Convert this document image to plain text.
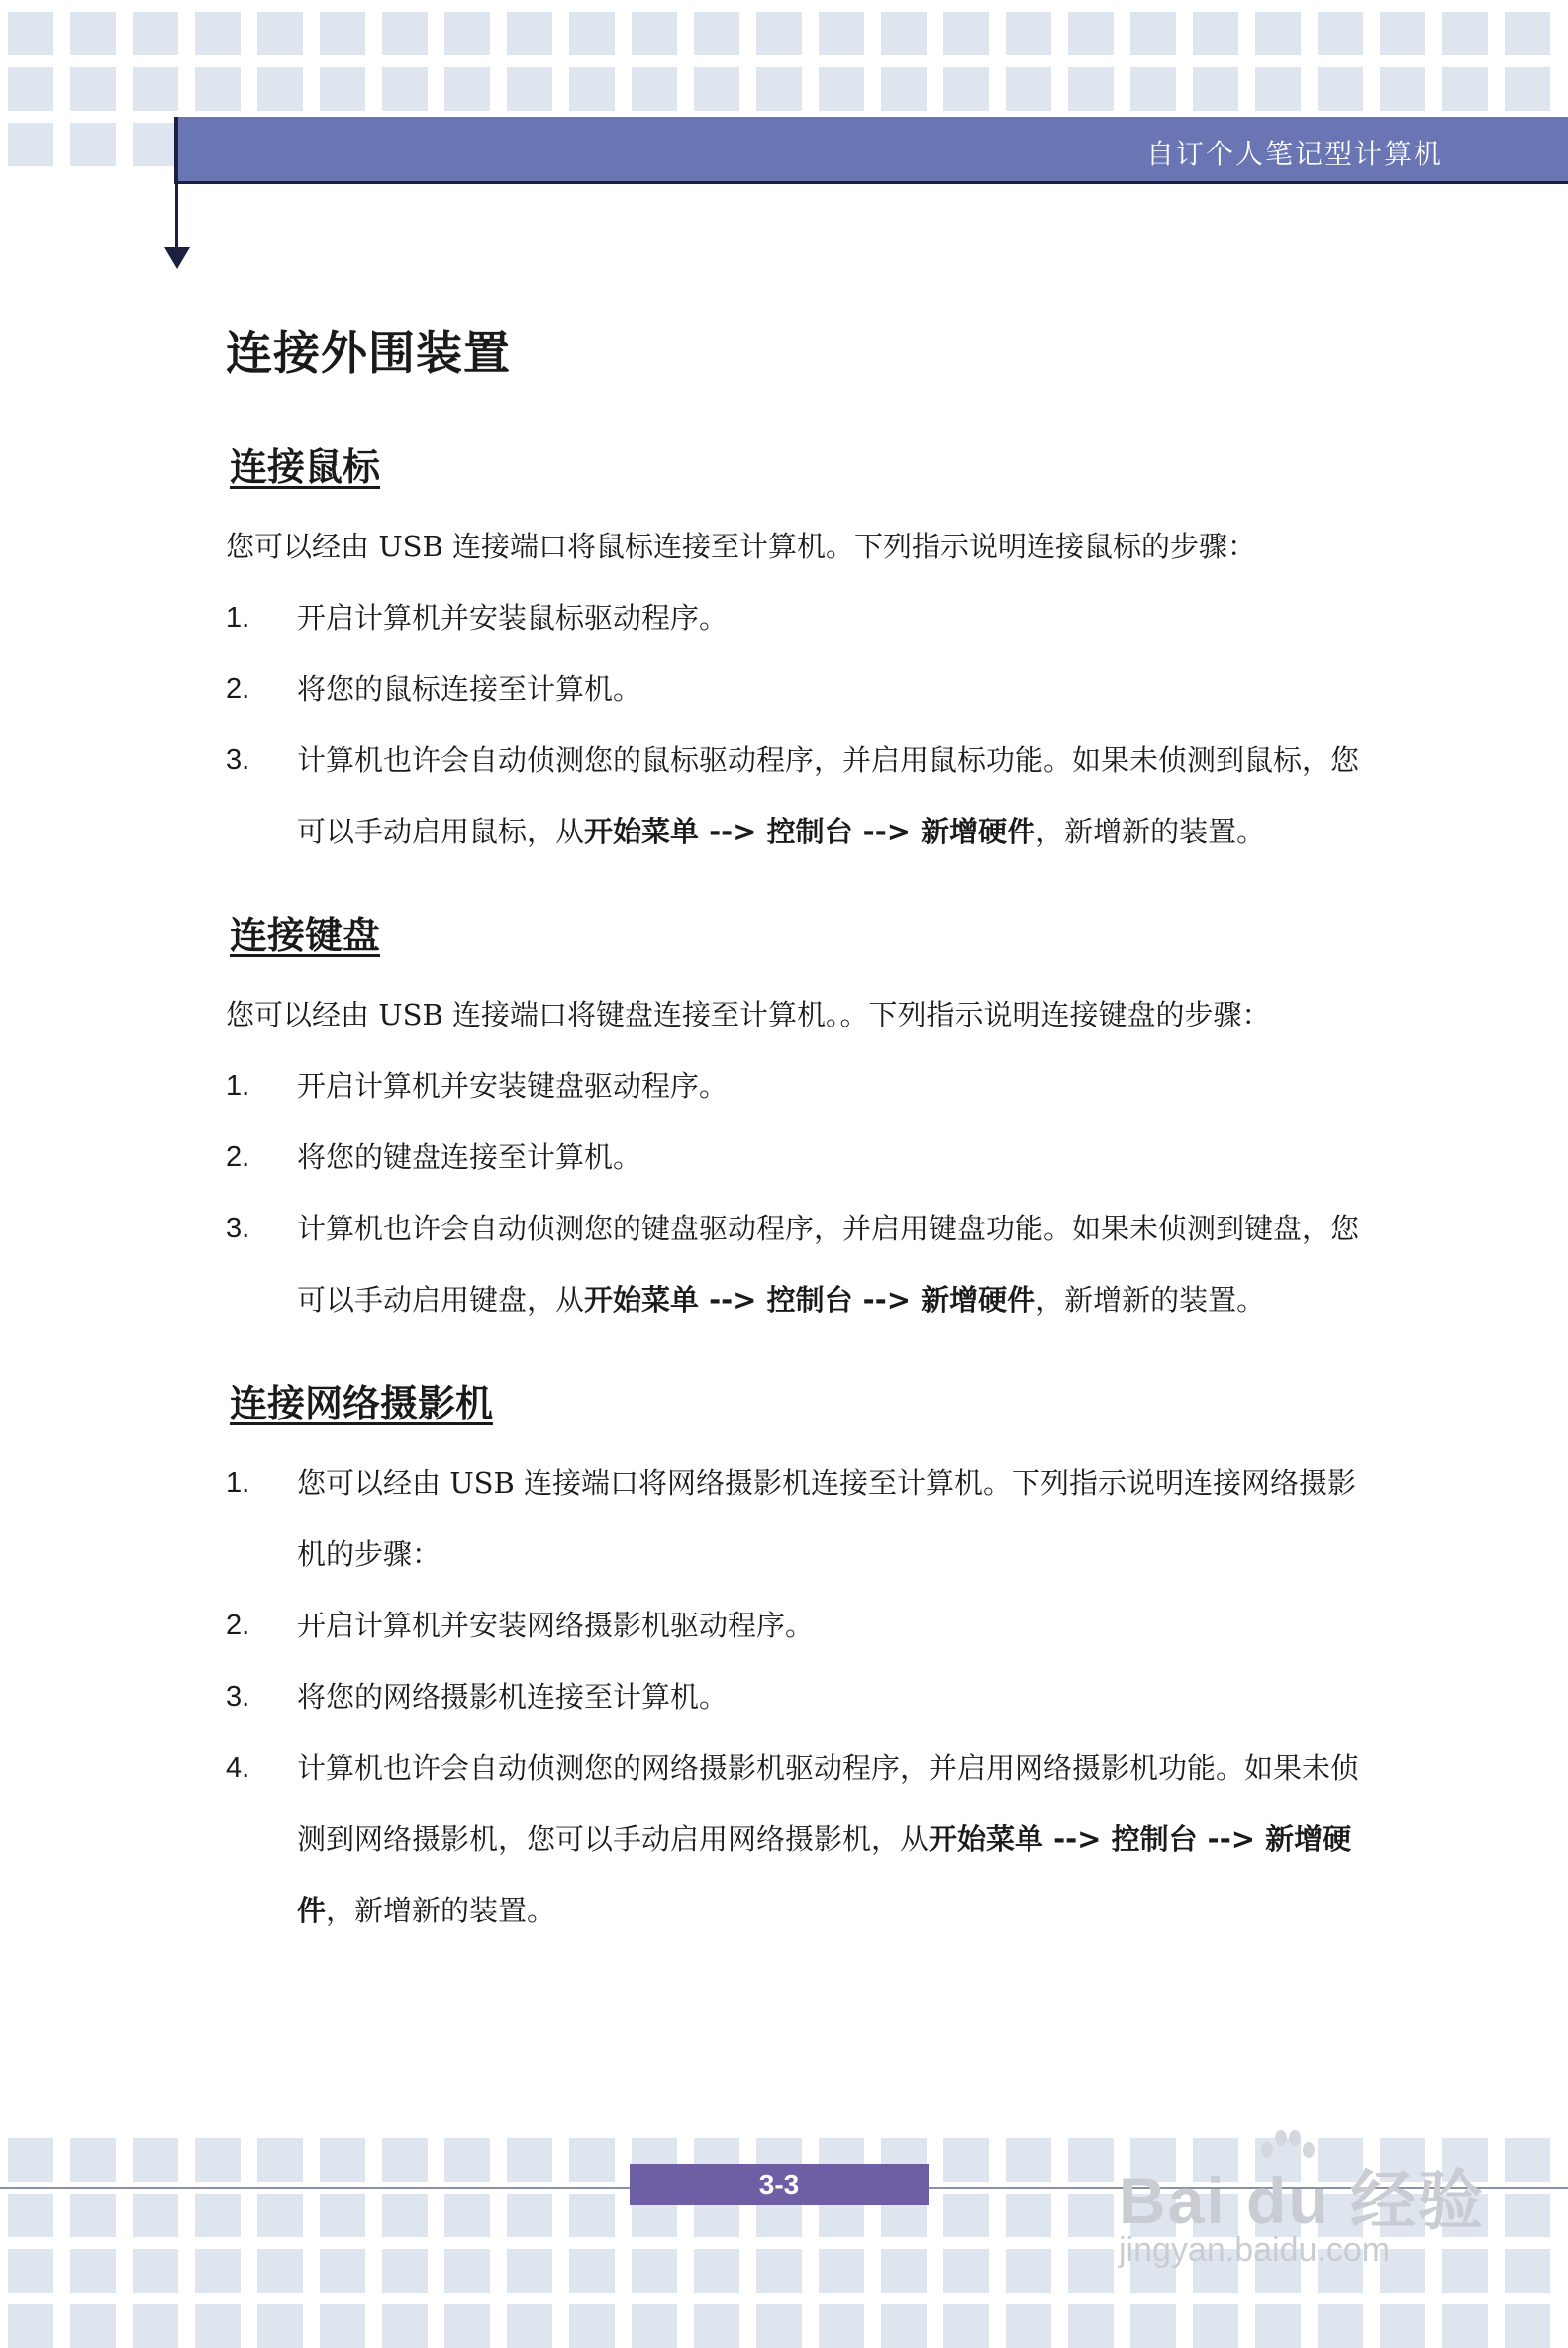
自订个人笔记型计算机
连接外围装置
连接鼠标

您可以经由 USB 连接端口将鼠标连接至计算机。下列指示说明连接鼠标的步骤：

1.	开启计算机并安装鼠标驱动程序。
2.	将您的鼠标连接至计算机。
3.	计算机也许会自动侦测您的鼠标驱动程序，并启用鼠标功能。如果未侦测到鼠标，您可以手动启用鼠标，从开始菜单 --> 控制台 --> 新增硬件，新增新的装置。
连接键盘

您可以经由 USB 连接端口将键盘连接至计算机。。下列指示说明连接键盘的步骤：

1.	开启计算机并安装键盘驱动程序。
2.	将您的键盘连接至计算机。
3.	计算机也许会自动侦测您的键盘驱动程序，并启用键盘功能。如果未侦测到键盘，您可以手动启用键盘，从开始菜单 --> 控制台 --> 新增硬件，新增新的装置。
连接网络摄影机
1.	您可以经由 USB 连接端口将网络摄影机连接至计算机。下列指示说明连接网络摄影机的步骤：
2.	开启计算机并安装网络摄影机驱动程序。
3.	将您的网络摄影机连接至计算机。
4.	计算机也许会自动侦测您的网络摄影机驱动程序，并启用网络摄影机功能。如果未侦测到网络摄影机，您可以手动启用网络摄影机，从开始菜单 --> 控制台 --> 新增硬件，新增新的装置。
3-3	Bai du 经验
jingyan.baidu.com
